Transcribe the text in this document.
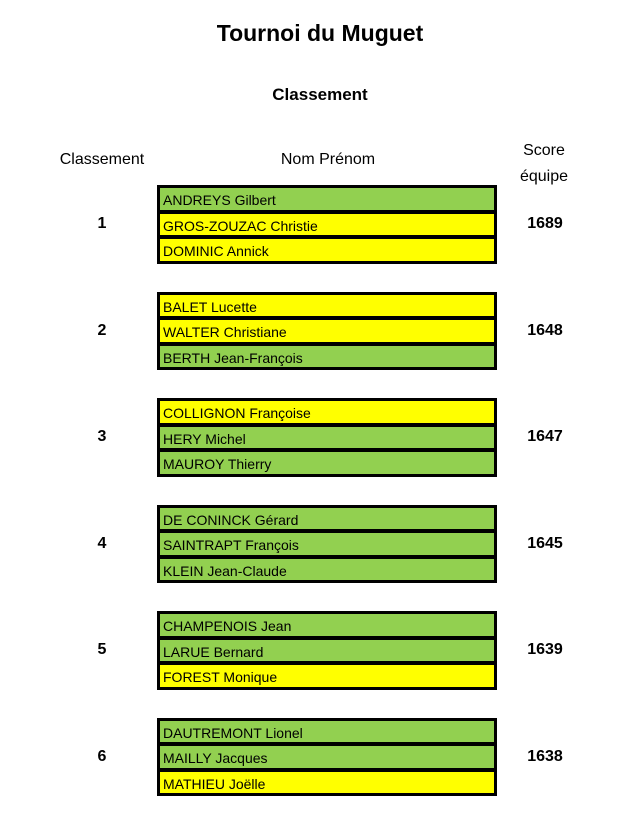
Tournoi du Muguet
Classement
Classement	Nom Prénom
Score équipe
1
ANDREYS Gilbert
GROS-ZOUZAC Christie
DOMINIC Annick
1689
2
BALET Lucette
WALTER Christiane
BERTH Jean-François
1648
3
COLLIGNON Françoise
HERY Michel
MAUROY Thierry
1647
4
DE CONINCK Gérard
SAINTRAPT François
KLEIN Jean-Claude
1645
5
CHAMPENOIS Jean
LARUE Bernard
FOREST Monique
1639
6
DAUTREMONT Lionel
MAILLY Jacques
MATHIEU Joëlle
1638
